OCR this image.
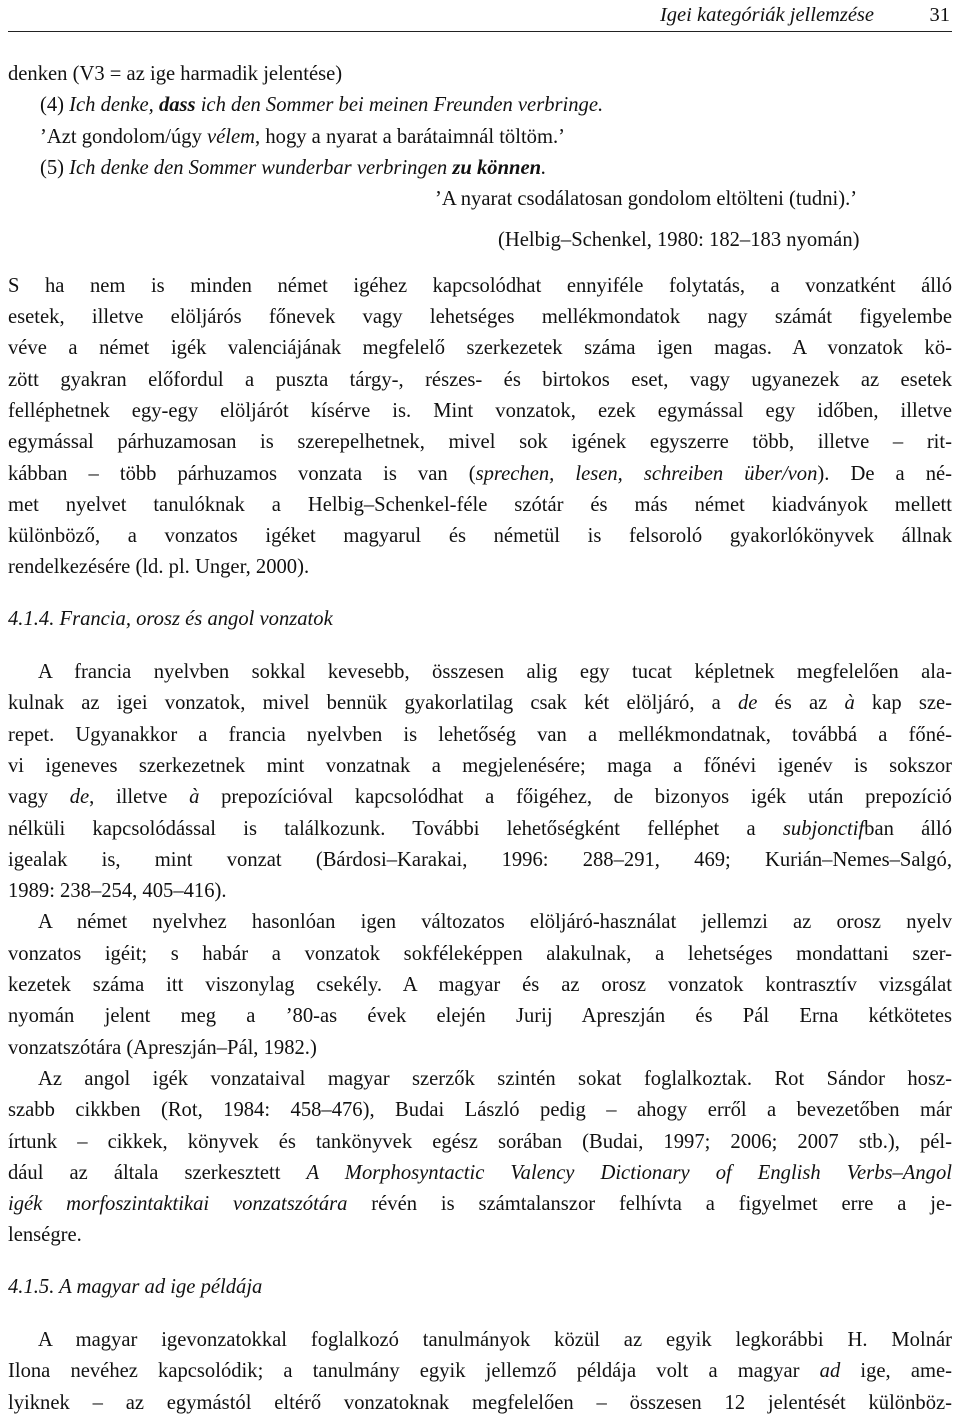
Igei kategóriák jellemzése	31
denken (V3 = az ige harmadik jelentése)
(4) Ich denke, dass ich den Sommer bei meinen Freunden verbringe.
’Azt gondolom/úgy vélem, hogy a nyarat a barátaimnál töltöm.’
(5) Ich denke den Sommer wunderbar verbringen zu können.
’A nyarat csodálatosan gondolom eltölteni (tudni).’
(Helbig–Schenkel, 1980: 182–183 nyomán)
S ha nem is minden német igéhez kapcsolódhat ennyiféle folytatás, a vonzatként álló
esetek, illetve elöljárós főnevek vagy lehetséges mellékmondatok nagy számát figyelembe
véve a német igék valenciájának megfelelő szerkezetek száma igen magas. A vonzatok kö-
zött gyakran előfordul a puszta tárgy-, részes- és birtokos eset, vagy ugyanezek az esetek
felléphetnek egy-egy elöljárót kísérve is. Mint vonzatok, ezek egymással egy időben, illetve
egymással párhuzamosan is szerepelhetnek, mivel sok igének egyszerre több, illetve – rit-
kábban – több párhuzamos vonzata is van (sprechen, lesen, schreiben über/von). De a né-
met nyelvet tanulóknak a Helbig–Schenkel-féle szótár és más német kiadványok mellett
különböző, a vonzatos igéket magyarul és németül is felsoroló gyakorlókönyvek állnak
rendelkezésére (ld. pl. Unger, 2000).
4.1.4. Francia, orosz és angol vonzatok
A francia nyelvben sokkal kevesebb, összesen alig egy tucat képletnek megfelelően ala-
kulnak az igei vonzatok, mivel bennük gyakorlatilag csak két elöljáró, a de és az à kap sze-
repet. Ugyanakkor a francia nyelvben is lehetőség van a mellékmondatnak, továbbá a főné-
vi igeneves szerkezetnek mint vonzatnak a megjelenésére; maga a főnévi igenév is sokszor
vagy de, illetve à prepozícióval kapcsolódhat a főigéhez, de bizonyos igék után prepozíció
nélküli kapcsolódással is találkozunk. További lehetőségként felléphet a subjonctifban álló
igealak is, mint vonzat (Bárdosi–Karakai, 1996: 288–291, 469; Kurián–Nemes–Salgó,
1989: 238–254, 405–416).
A német nyelvhez hasonlóan igen változatos elöljáró-használat jellemzi az orosz nyelv
vonzatos igéit; s habár a vonzatok sokféleképpen alakulnak, a lehetséges mondattani szer-
kezetek száma itt viszonylag csekély. A magyar és az orosz vonzatok kontrasztív vizsgálat
nyomán jelent meg a ’80-as évek elején Jurij Apreszján és Pál Erna kétkötetes
vonzatszótára (Apreszján–Pál, 1982.)
Az angol igék vonzataival magyar szerzők szintén sokat foglalkoztak. Rot Sándor hosz-
szabb cikkben (Rot, 1984: 458–476), Budai László pedig – ahogy erről a bevezetőben már
írtunk – cikkek, könyvek és tankönyvek egész sorában (Budai, 1997; 2006; 2007 stb.), pél-
dául az általa szerkesztett A Morphosyntactic Valency Dictionary of English Verbs–Angol
igék morfoszintaktikai vonzatszótára révén is számtalanszor felhívta a figyelmet erre a je-
lenségre.
4.1.5. A magyar ad ige példája
A magyar igevonzatokkal foglalkozó tanulmányok közül az egyik legkorábbi H. Molnár
Ilona nevéhez kapcsolódik; a tanulmány egyik jellemző példája volt a magyar ad ige, ame-
lyiknek – az egymástól eltérő vonzatoknak megfelelően – összesen 12 jelentését különböz-
